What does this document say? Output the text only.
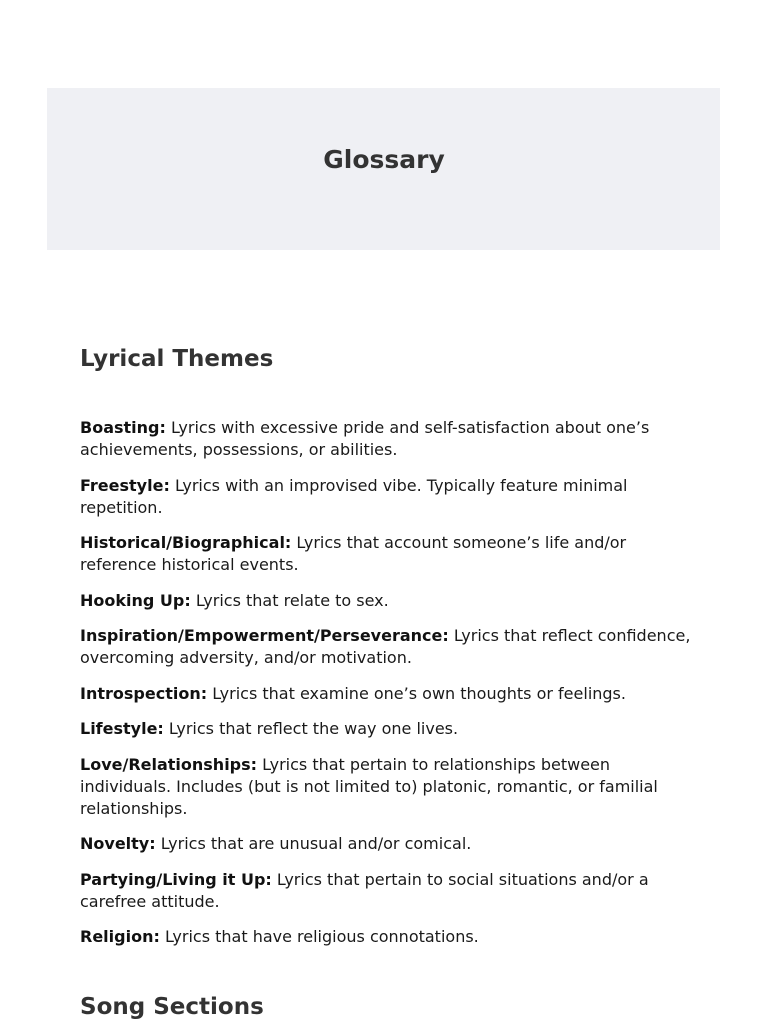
Glossary
Lyrical Themes
Boasting: Lyrics with excessive pride and self-satisfaction about one’s achievements, possessions, or abilities.
Freestyle: Lyrics with an improvised vibe. Typically feature minimal repetition.
Historical/Biographical: Lyrics that account someone’s life and/or reference historical events.
Hooking Up: Lyrics that relate to sex.
Inspiration/Empowerment/Perseverance: Lyrics that reflect confidence, overcoming adversity, and/or motivation.
Introspection: Lyrics that examine one’s own thoughts or feelings.
Lifestyle: Lyrics that reflect the way one lives.
Love/Relationships: Lyrics that pertain to relationships between individuals. Includes (but is not limited to) platonic, romantic, or familial relationships.
Novelty: Lyrics that are unusual and/or comical.
Partying/Living it Up: Lyrics that pertain to social situations and/or a carefree attitude.
Religion: Lyrics that have religious connotations.
Song Sections
